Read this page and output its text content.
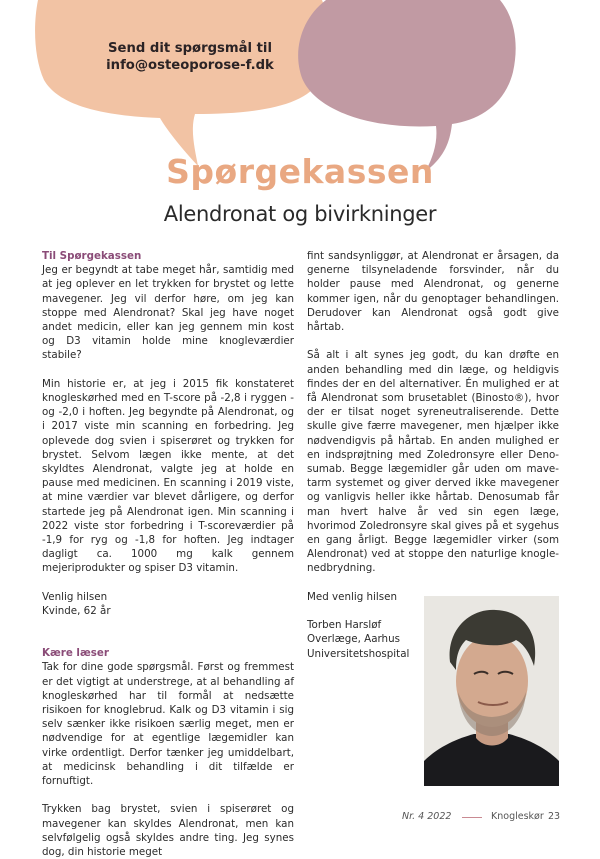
Send dit spørgsmål til
info@osteoporose-f.dk
Spørgekassen
Alendronat og bivirkninger
Til Spørgekassen

Jeg er begyndt at tabe meget hår, samtidig med at jeg oplever en let trykken for brystet og lette mavegener. Jeg vil derfor høre, om jeg kan stoppe med Alendronat? Skal jeg have noget andet medicin, eller kan jeg gennem min kost og D3 vitamin holde mine knogleværdier stabile?

Min historie er, at jeg i 2015 fik konstateret knogleskørhed med en T-score på -2,8 i ryggen -og -2,0 i hoften. Jeg begyndte på Alendronat, og i 2017 viste min scanning en forbedring. Jeg oplevede dog svien i spiserøret og trykken for brystet. Selvom lægen ikke mente, at det skyldtes Alendronat, valgte jeg at holde en pause med medicinen. En scanning i 2019 viste, at mine værdier var blevet dårligere, og derfor startede jeg på Alendronat igen. Min scanning i 2022 viste stor forbedring i T-scoreværdier på -1,9 for ryg og -1,8 for hoften. Jeg indtager dagligt ca. 1000 mg kalk gennem mejeriprodukter og spiser D3 vitamin.

Venlig hilsen
Kvinde, 62 år
Kære læser

Tak for dine gode spørgsmål. Først og fremmest er det vigtigt at understrege, at al behandling af knogleskørhed har til formål at nedsætte risikoen for knoglebrud. Kalk og D3 vitamin i sig selv sænker ikke risikoen særlig meget, men er nødvendige for at egentlige lægemidler kan virke ordentligt. Derfor tænker jeg umiddelbart, at medicinsk behandling i dit tilfælde er fornuftigt.

Trykken bag brystet, svien i spiserøret og mavegener kan skyldes Alendronat, men kan selvfølgelig også skyldes andre ting. Jeg synes dog, din historie meget

fint sandsynliggør, at Alendronat er årsagen, da generne tilsyneladende forsvinder, når du holder pause med Alendronat, og generne kommer igen, når du genoptager behandlingen. Derudover kan Alendronat også godt give hårtab.

Så alt i alt synes jeg godt, du kan drøfte en anden behandling med din læge, og heldigvis findes der en del alternativer. Én mulighed er at få Alendronat som brusetablet (Binosto®), hvor der er tilsat noget syreneutraliserende. Dette skulle give færre mavegener, men hjælper ikke nødvendigvis på hårtab. En anden mulighed er en indsprøjtning med Zoledronsyre eller Denosumab. Begge lægemidler går uden om mave-tarm systemet og giver derved ikke mavegener og vanligvis heller ikke hårtab. Denosumab får man hvert halve år ved sin egen læge, hvorimod Zoledronsyre skal gives på et sygehus en gang årligt. Begge lægemidler virker (som Alendronat) ved at stoppe den naturlige knoglenedbrydning.

Med venlig hilsen

Torben Harsløf
Overlæge, Aarhus
Universitetshospital
Nr. 4 2022	Knogleskør 23
